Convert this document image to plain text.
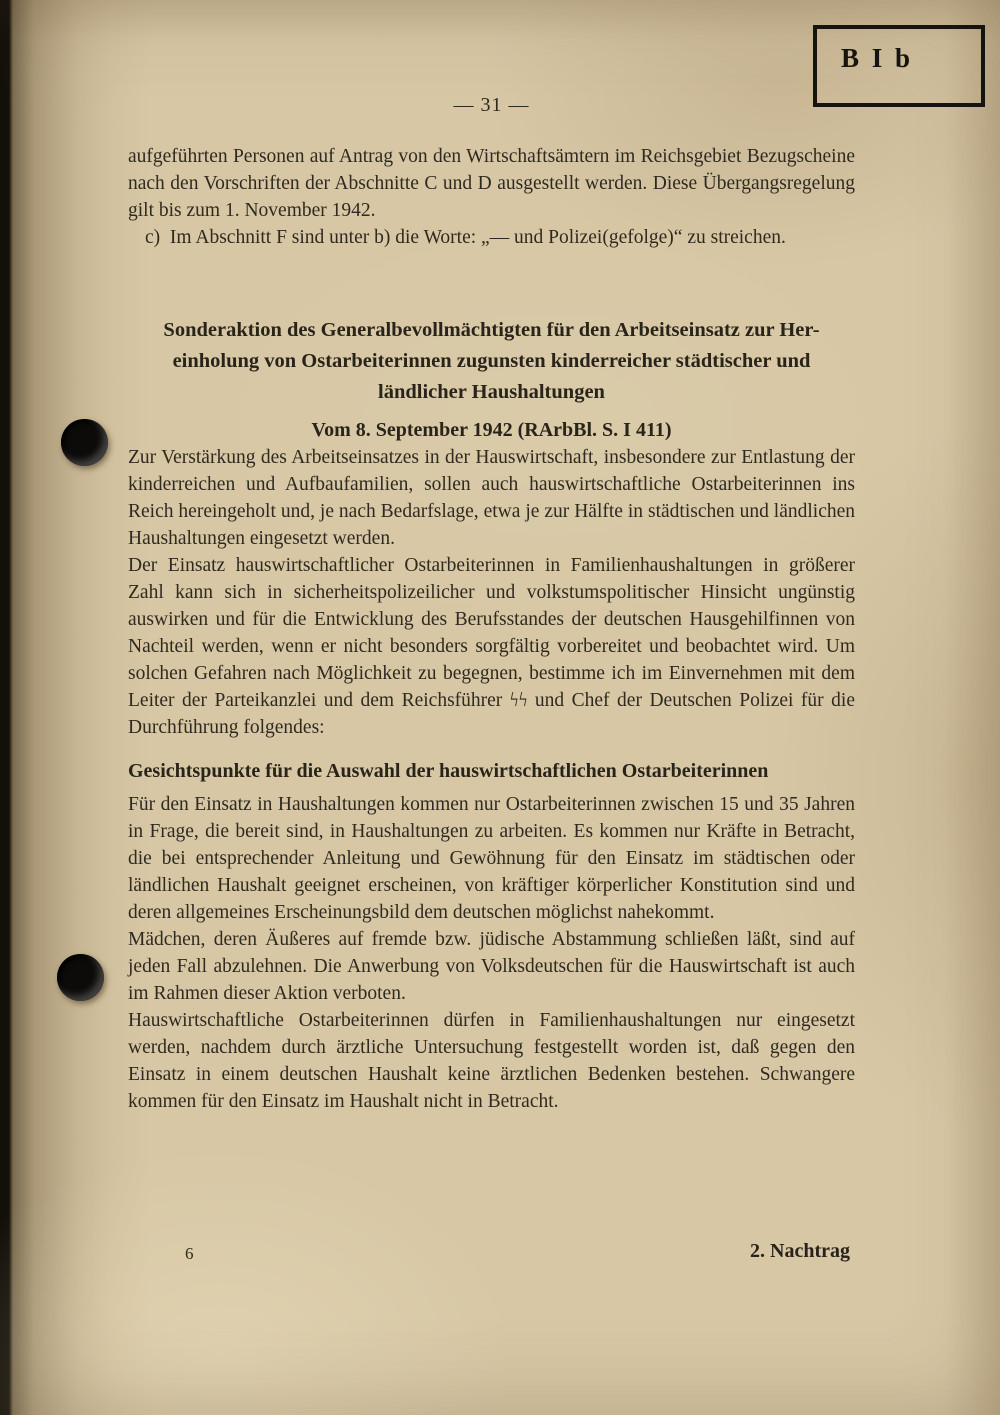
B I b
— 31 —

aufgeführten Personen auf Antrag von den Wirtschaftsämtern im Reichsgebiet Bezugscheine nach den Vorschriften der Abschnitte C und D ausgestellt werden. Diese Übergangsregelung gilt bis zum 1. November 1942.

c) Im Abschnitt F sind unter b) die Worte: „— und Polizei(gefolge)“ zu streichen.

Sonderaktion des Generalbevollmächtigten für den Arbeitseinsatz zur Her-
einholung von Ostarbeiterinnen zugunsten kinderreicher städtischer und
ländlicher Haushaltungen
Vom 8. September 1942 (RArbBl. S. I 411)

Zur Verstärkung des Arbeitseinsatzes in der Hauswirtschaft, insbesondere zur Entlastung der kinderreichen und Aufbaufamilien, sollen auch hauswirtschaftliche Ostarbeiterinnen ins Reich hereingeholt und, je nach Bedarfslage, etwa je zur Hälfte in städtischen und ländlichen Haushaltungen eingesetzt werden.

Der Einsatz hauswirtschaftlicher Ostarbeiterinnen in Familienhaushaltungen in größerer Zahl kann sich in sicherheitspolizeilicher und volkstumspolitischer Hinsicht ungünstig auswirken und für die Entwicklung des Berufsstandes der deutschen Hausgehilfinnen von Nachteil werden, wenn er nicht besonders sorgfältig vorbereitet und beobachtet wird. Um solchen Gefahren nach Möglichkeit zu begegnen, bestimme ich im Einvernehmen mit dem Leiter der Parteikanzlei und dem Reichsführer ϟϟ und Chef der Deutschen Polizei für die Durchführung folgendes:

Gesichtspunkte für die Auswahl der hauswirtschaftlichen Ostarbeiterinnen

Für den Einsatz in Haushaltungen kommen nur Ostarbeiterinnen zwischen 15 und 35 Jahren in Frage, die bereit sind, in Haushaltungen zu arbeiten. Es kommen nur Kräfte in Betracht, die bei entsprechender Anleitung und Gewöhnung für den Einsatz im städtischen oder ländlichen Haushalt geeignet erscheinen, von kräftiger körperlicher Konstitution sind und deren allgemeines Erscheinungsbild dem deutschen möglichst nahekommt.

Mädchen, deren Äußeres auf fremde bzw. jüdische Abstammung schließen läßt, sind auf jeden Fall abzulehnen. Die Anwerbung von Volksdeutschen für die Hauswirtschaft ist auch im Rahmen dieser Aktion verboten.

Hauswirtschaftliche Ostarbeiterinnen dürfen in Familienhaushaltungen nur eingesetzt werden, nachdem durch ärztliche Untersuchung festgestellt worden ist, daß gegen den Einsatz in einem deutschen Haushalt keine ärztlichen Bedenken bestehen. Schwangere kommen für den Einsatz im Haushalt nicht in Betracht.

6	2. Nachtrag
